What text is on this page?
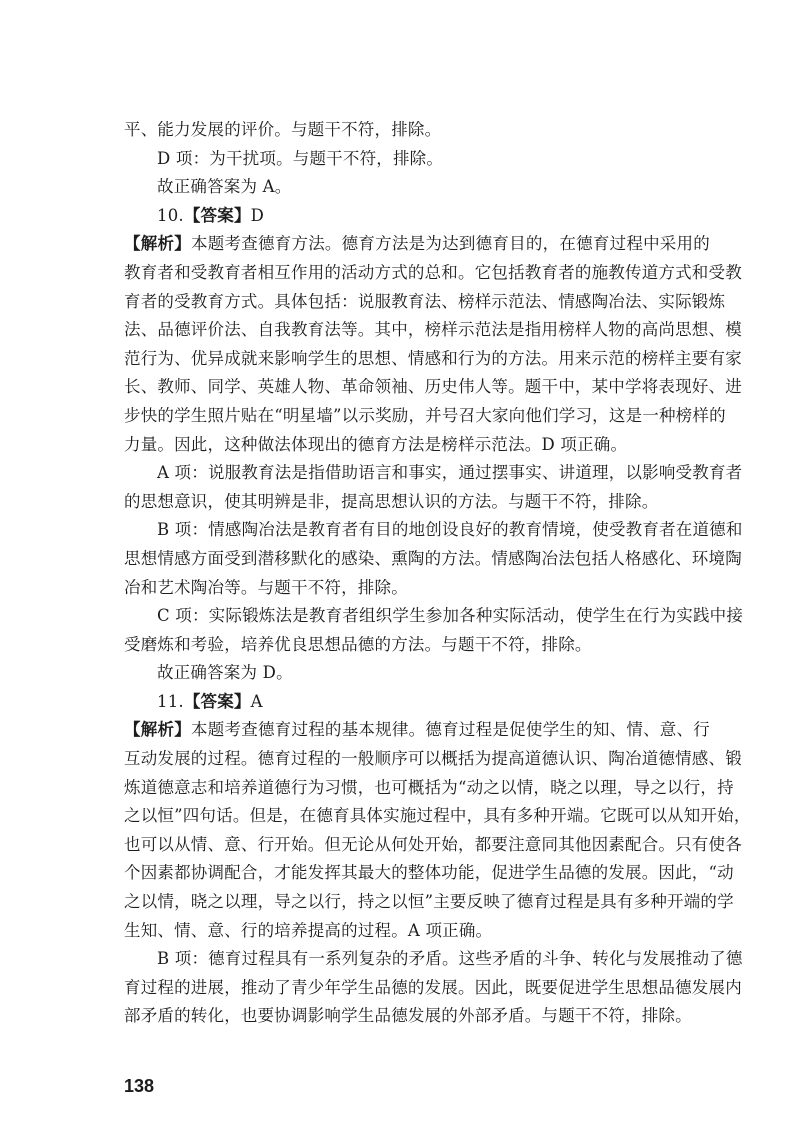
平、能力发展的评价。与题干不符，排除。
D 项：为干扰项。与题干不符，排除。
故正确答案为 A。
10.【答案】D
【解析】本题考查德育方法。德育方法是为达到德育目的，在德育过程中采用的
教育者和受教育者相互作用的活动方式的总和。它包括教育者的施教传道方式和受教
育者的受教育方式。具体包括：说服教育法、榜样示范法、情感陶冶法、实际锻炼
法、品德评价法、自我教育法等。其中，榜样示范法是指用榜样人物的高尚思想、模
范行为、优异成就来影响学生的思想、情感和行为的方法。用来示范的榜样主要有家
长、教师、同学、英雄人物、革命领袖、历史伟人等。题干中，某中学将表现好、进
步快的学生照片贴在“明星墙”以示奖励，并号召大家向他们学习，这是一种榜样的
力量。因此，这种做法体现出的德育方法是榜样示范法。D 项正确。
A 项：说服教育法是指借助语言和事实，通过摆事实、讲道理，以影响受教育者
的思想意识，使其明辨是非，提高思想认识的方法。与题干不符，排除。
B 项：情感陶冶法是教育者有目的地创设良好的教育情境，使受教育者在道德和
思想情感方面受到潜移默化的感染、熏陶的方法。情感陶冶法包括人格感化、环境陶
冶和艺术陶冶等。与题干不符，排除。
C 项：实际锻炼法是教育者组织学生参加各种实际活动，使学生在行为实践中接
受磨炼和考验，培养优良思想品德的方法。与题干不符，排除。
故正确答案为 D。
11.【答案】A
【解析】本题考查德育过程的基本规律。德育过程是促使学生的知、情、意、行
互动发展的过程。德育过程的一般顺序可以概括为提高道德认识、陶冶道德情感、锻
炼道德意志和培养道德行为习惯，也可概括为“动之以情，晓之以理，导之以行，持
之以恒”四句话。但是，在德育具体实施过程中，具有多种开端。它既可以从知开始，
也可以从情、意、行开始。但无论从何处开始，都要注意同其他因素配合。只有使各
个因素都协调配合，才能发挥其最大的整体功能，促进学生品德的发展。因此，“动
之以情，晓之以理，导之以行，持之以恒”主要反映了德育过程是具有多种开端的学
生知、情、意、行的培养提高的过程。A 项正确。
B 项：德育过程具有一系列复杂的矛盾。这些矛盾的斗争、转化与发展推动了德
育过程的进展，推动了青少年学生品德的发展。因此，既要促进学生思想品德发展内
部矛盾的转化，也要协调影响学生品德发展的外部矛盾。与题干不符，排除。
138
